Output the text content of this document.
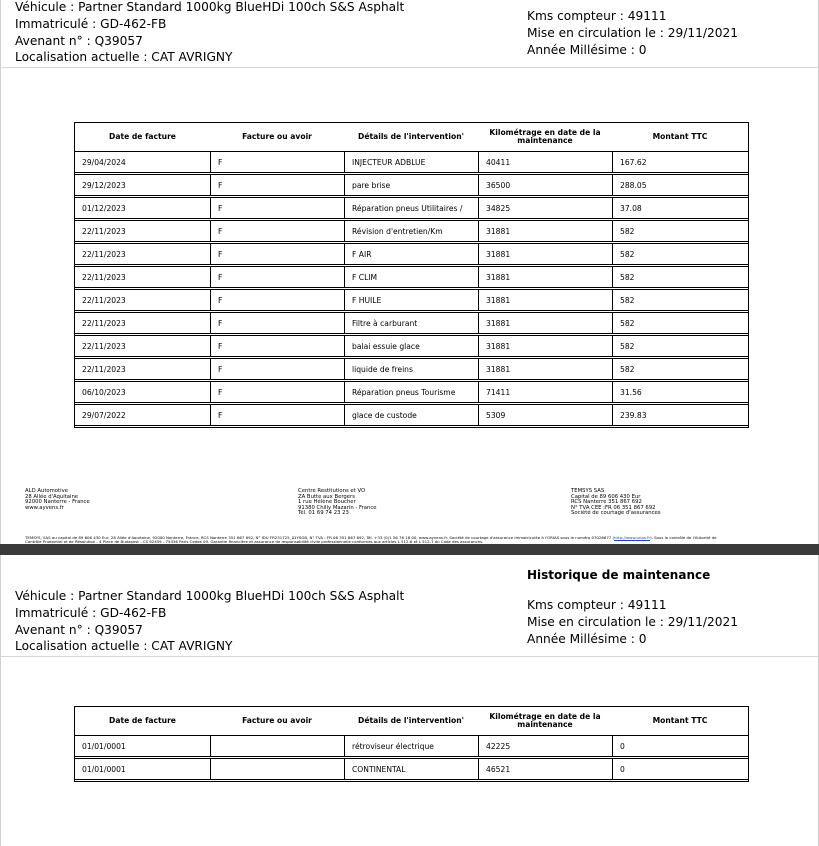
Véhicule : Partner Standard 1000kg BlueHDi 100ch S&S Asphalt
Immatriculé : GD-462-FB
Avenant n° : Q39057
Localisation actuelle : CAT AVRIGNY
Kms compteur : 49111
Mise en circulation le : 29/11/2021
Année Millésime : 0
Date de facture	Facture ou avoir	Détails de l'intervention'	Kilométrage en date de la maintenance	Montant TTC
29/04/2024	F	INJECTEUR ADBLUE	40411	167.62
29/12/2023	F	pare brise	36500	288.05
01/12/2023	F	Réparation pneus Utilitaires /	34825	37.08
22/11/2023	F	Révision d'entretien/Km	31881	582
22/11/2023	F	F AIR	31881	582
22/11/2023	F	F CLIM	31881	582
22/11/2023	F	F HUILE	31881	582
22/11/2023	F	Filtre à carburant	31881	582
22/11/2023	F	balai essuie glace	31881	582
22/11/2023	F	liquide de freins	31881	582
06/10/2023	F	Réparation pneus Tourisme	71411	31.56
29/07/2022	F	glace de custode	5309	239.83
ALD Automotive
28 Allée d'Aquitaine
92000 Nanterre - France
www.ayvens.fr
Centre Restitutions et VO
ZA Butte aux Bergers
1 rue Hélène Boucher
91380 Chilly Mazarin - France
Tél. 01 69 74 23 23
TEMSYS SAS
Capital de 89 606 430 Eur
RCS Nanterre 351 867 692
N° TVA CEE :FR 06 351 867 692
Société de courtage d'assurances
TEMSYS, SAS au capital de 89 606 430 Eur, 28 Allée d'Aquitaine, 92000 Nanterre, France, RCS Nanterre 351 867 692, N° IDU FR231725_01YSGB, N° TVA : FR 06 351 867 692, Tél. +33 (0)1 56 76 18 00, www.ayvens.fr. Société de courtage d'assurance immatriculée à l'ORIAS sous le numéro 07026677 (http://www.orias.fr). Sous le contrôle de l'Autorité de
Contrôle Prudentiel et de Résolution - 4 Place de Budapest - CS 92459 - 75436 Paris Cedex 09. Garantie financière et assurance de responsabilité civile professionnelle conformes aux articles L 512-6 et L 512-7 du Code des assurances.
Historique de maintenance
Véhicule : Partner Standard 1000kg BlueHDi 100ch S&S Asphalt
Immatriculé : GD-462-FB
Avenant n° : Q39057
Localisation actuelle : CAT AVRIGNY
Kms compteur : 49111
Mise en circulation le : 29/11/2021
Année Millésime : 0
Date de facture	Facture ou avoir	Détails de l'intervention'	Kilométrage en date de la maintenance	Montant TTC
01/01/0001		rétroviseur électrique	42225	0
01/01/0001		CONTINENTAL	46521	0
